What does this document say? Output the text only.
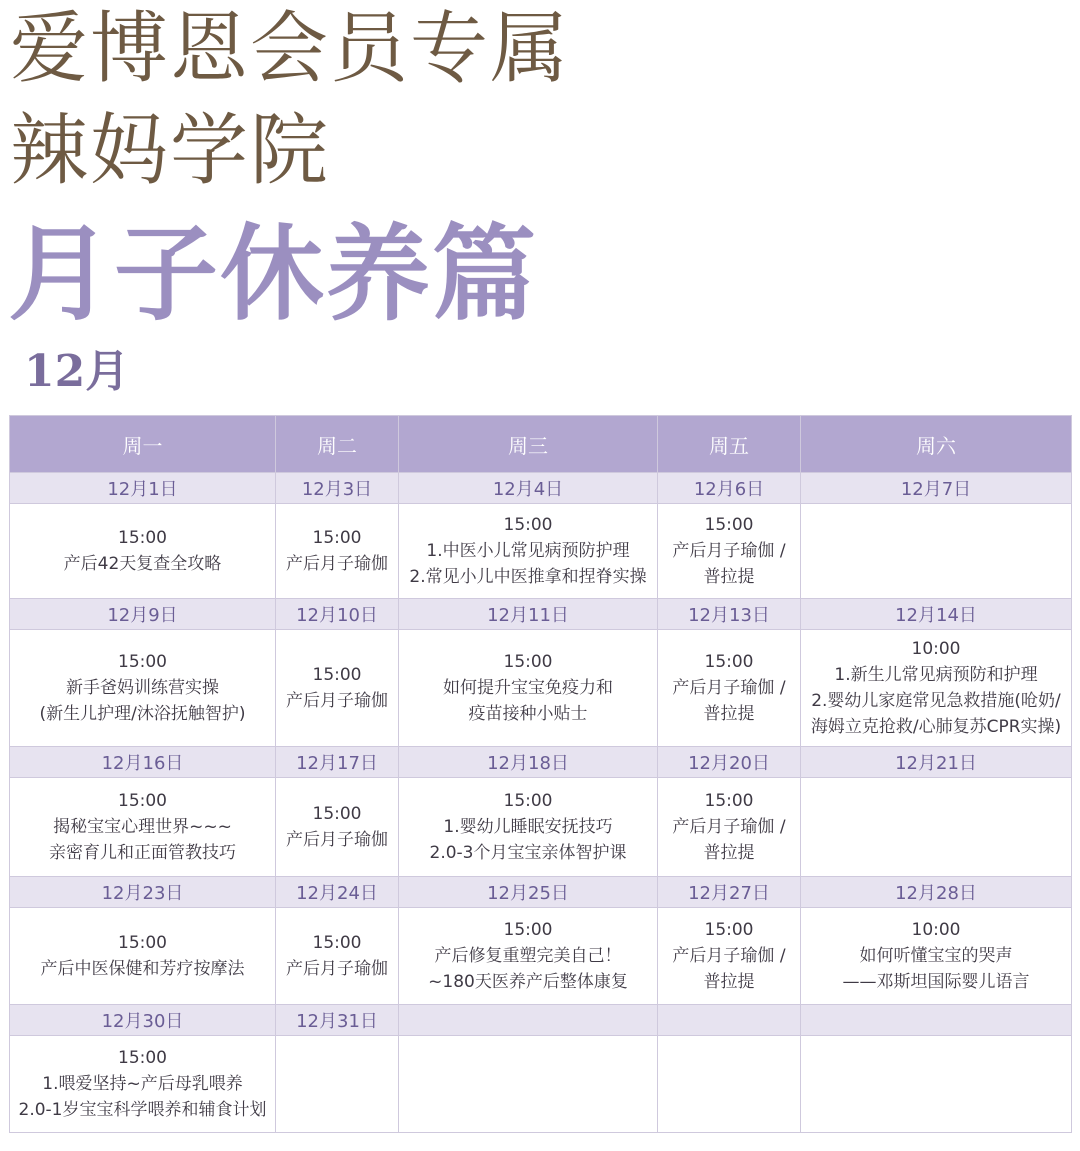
爱博恩会员专属
辣妈学院
月子休养篇
12月
周一	周二	周三	周五	周六
12月1日	12月3日	12月4日	12月6日	12月7日

15:00
产后42天复查全攻略	15:00
产后月子瑜伽	15:00
1.中医小儿常见病预防护理
2.常见小儿中医推拿和捏脊实操	15:00
产后月子瑜伽 /
普拉提	

12月9日	12月10日	12月11日	12月13日	12月14日

15:00
新手爸妈训练营实操
(新生儿护理/沐浴抚触智护)	15:00
产后月子瑜伽	15:00
如何提升宝宝免疫力和
疫苗接种小贴士	15:00
产后月子瑜伽 /
普拉提	10:00
1.新生儿常见病预防和护理
2.婴幼儿家庭常见急救措施(呛奶/
海姆立克抢救/心肺复苏CPR实操)

12月16日	12月17日	12月18日	12月20日	12月21日

15:00
揭秘宝宝心理世界~~~
亲密育儿和正面管教技巧	15:00
产后月子瑜伽	15:00
1.婴幼儿睡眠安抚技巧
2.0-3个月宝宝亲体智护课	15:00
产后月子瑜伽 /
普拉提	

12月23日	12月24日	12月25日	12月27日	12月28日

15:00
产后中医保健和芳疗按摩法	15:00
产后月子瑜伽	15:00
产后修复重塑完美自己！
~180天医养产后整体康复	15:00
产后月子瑜伽 /
普拉提	10:00
如何听懂宝宝的哭声
——邓斯坦国际婴儿语言

12月30日	12月31日			

15:00
1.喂爱坚持~产后母乳喂养
2.0-1岁宝宝科学喂养和辅食计划				
